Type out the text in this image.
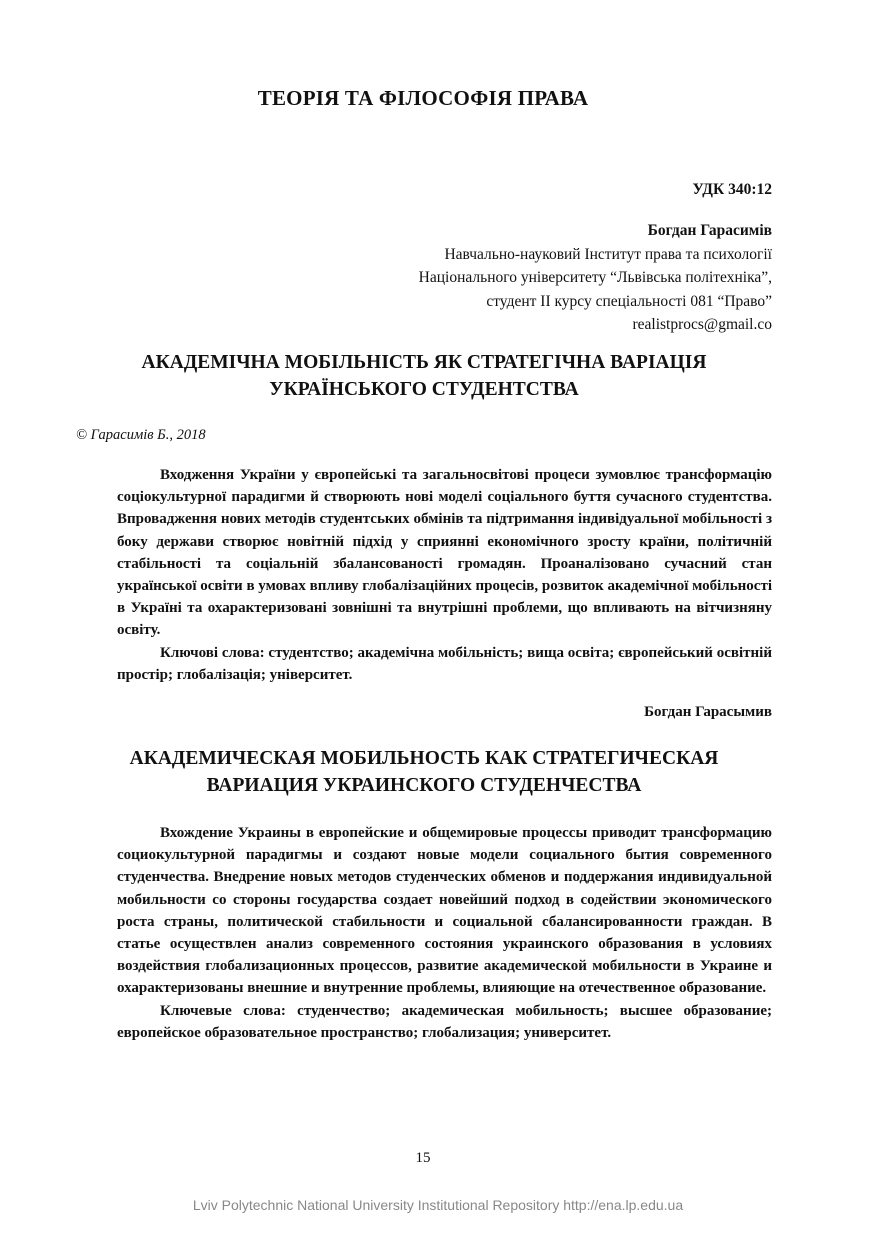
ТЕОРІЯ ТА ФІЛОСОФІЯ ПРАВА
УДК 340:12
Богдан Гарасимів
Навчально-науковий Інститут права та психології
Національного університету “Львівська політехніка”,
студент ІІ курсу спеціальності 081 “Право”
realistprocs@gmail.co
АКАДЕМІЧНА МОБІЛЬНІСТЬ ЯК СТРАТЕГІЧНА ВАРІАЦІЯ
УКРАЇНСЬКОГО СТУДЕНТСТВА
© Гарасимів Б., 2018

Входження України у європейські та загальносвітові процеси зумовлює трансформацію соціокультурної парадигми й створюють нові моделі соціального буття сучасного студентства. Впровадження нових методів студентських обмінів та підтримання індивідуальної мобільності з боку держави створює новітній підхід у сприянні економічного зросту країни, політичній стабільності та соціальній збалансованості громадян. Проаналізовано сучасний стан української освіти в умовах впливу глобалізаційних процесів, розвиток академічної мобільності в Україні та охарактеризовані зовнішні та внутрішні проблеми, що впливають на вітчизняну освіту.

Ключові слова: студентство; академічна мобільність; вища освіта; європейський освітній простір; глобалізація; університет.

Богдан Гарасымив
АКАДЕМИЧЕСКАЯ МОБИЛЬНОСТЬ КАК СТРАТЕГИЧЕСКАЯ
ВАРИАЦИЯ УКРАИНСКОГО СТУДЕНЧЕСТВА

Вхождение Украины в европейские и общемировые процессы приводит трансформацию социокультурной парадигмы и создают новые модели социального бытия современного студенчества. Внедрение новых методов студенческих обменов и поддержания индивидуальной мобильности со стороны государства создает новейший подход в содействии экономического роста страны, политической стабильности и социальной сбалансированности граждан. В статье осуществлен анализ современного состояния украинского образования в условиях воздействия глобализационных процессов, развитие академической мобильности в Украине и охарактеризованы внешние и внутренние проблемы, влияющие на отечественное образование.

Ключевые слова: студенчество; академическая мобильность; высшее образование; европейское образовательное пространство; глобализация; университет.

15
Lviv Polytechnic National University Institutional Repository http://ena.lp.edu.ua
